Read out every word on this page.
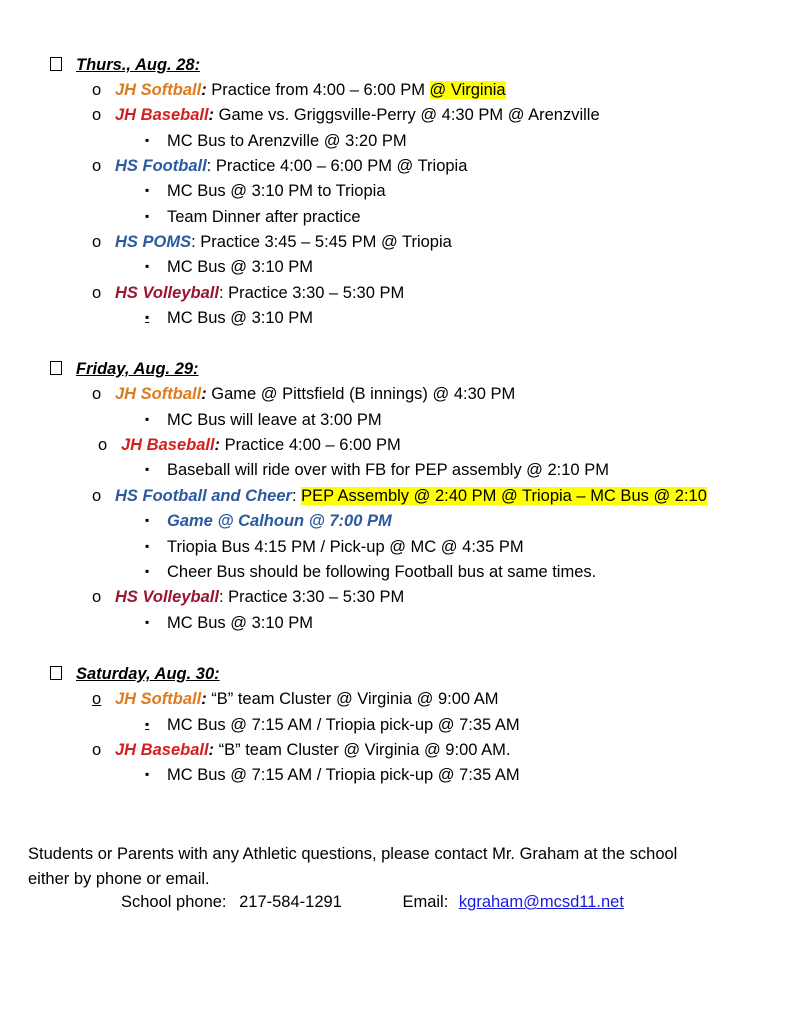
Thurs., Aug. 28:
o JH Softball: Practice from 4:00 – 6:00 PM @ Virginia
o JH Baseball: Game vs. Griggsville-Perry @ 4:30 PM @ Arenzville
▪ MC Bus to Arenzville @ 3:20 PM
o HS Football: Practice 4:00 – 6:00 PM @ Triopia
▪ MC Bus @ 3:10 PM to Triopia
▪ Team Dinner after practice
o HS POMS: Practice 3:45 – 5:45 PM @ Triopia
▪ MC Bus @ 3:10 PM
o HS Volleyball: Practice 3:30 – 5:30 PM
▪ MC Bus @ 3:10 PM
Friday, Aug. 29:
o JH Softball: Game @ Pittsfield (B innings) @ 4:30 PM
▪ MC Bus will leave at 3:00 PM
o JH Baseball: Practice 4:00 – 6:00 PM
▪ Baseball will ride over with FB for PEP assembly @ 2:10 PM
o HS Football and Cheer: PEP Assembly @ 2:40 PM @ Triopia – MC Bus @ 2:10
▪ Game @ Calhoun @ 7:00 PM
▪ Triopia Bus 4:15 PM / Pick-up @ MC @ 4:35 PM
▪ Cheer Bus should be following Football bus at same times.
o HS Volleyball: Practice 3:30 – 5:30 PM
▪ MC Bus @ 3:10 PM
Saturday, Aug. 30:
o JH Softball: “B” team Cluster @ Virginia @ 9:00 AM
▪ MC Bus @ 7:15 AM / Triopia pick-up @ 7:35 AM
o JH Baseball: “B” team Cluster @ Virginia @ 9:00 AM.
▪ MC Bus @ 7:15 AM / Triopia pick-up @ 7:35 AM
Students or Parents with any Athletic questions, please contact Mr. Graham at the school
either by phone or email.
School phone: 217-584-1291	Email: kgraham@mcsd11.net
